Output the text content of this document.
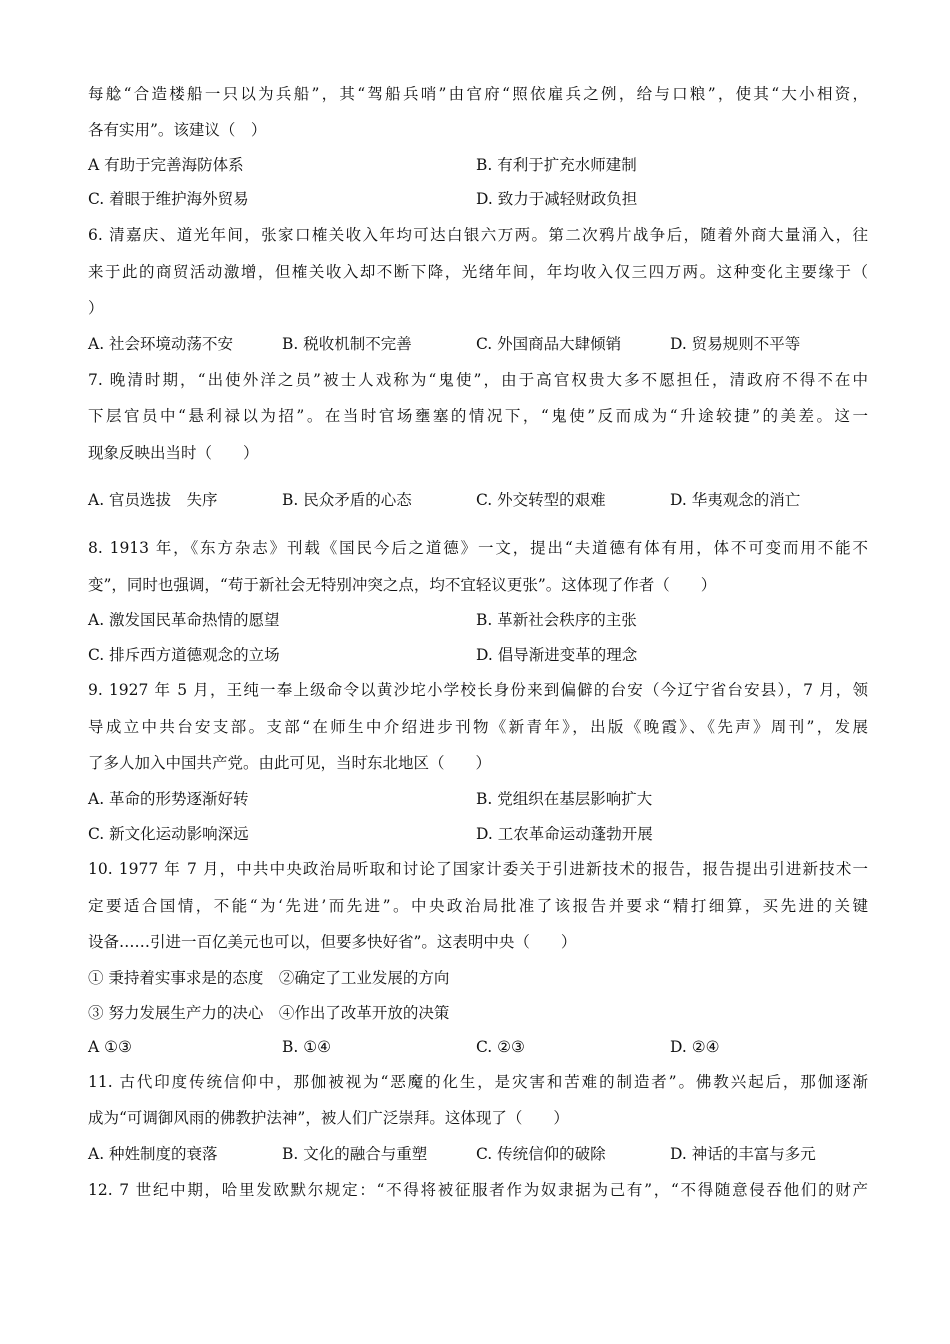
每艌“合造楼船一只以为兵船”，其“驾船兵哨”由官府“照依雇兵之例，给与口粮”，使其“大小相资，
各有实用”。该建议（　）
A 有助于完善海防体系	B. 有利于扩充水师建制
C. 着眼于维护海外贸易	D. 致力于减轻财政负担
6. 清嘉庆、道光年间，张家口榷关收入年均可达白银六万两。第二次鸦片战争后，随着外商大量涌入，往
来于此的商贸活动激增，但榷关收入却不断下降，光绪年间，年均收入仅三四万两。这种变化主要缘于（
）
A. 社会环境动荡不安	B. 税收机制不完善	C. 外国商品大肆倾销	D. 贸易规则不平等
7. 晚清时期，“出使外洋之员”被士人戏称为“鬼使”，由于高官权贵大多不愿担任，清政府不得不在中
下层官员中“悬利禄以为招”。在当时官场壅塞的情况下，“鬼使”反而成为“升途较捷”的美差。这一
现象反映出当时（　　）
A. 官员选拔　失序	B. 民众矛盾的心态	C. 外交转型的艰难	D. 华夷观念的消亡
8. 1913 年，《东方杂志》刊载《国民今后之道德》一文，提出“夫道德有体有用，体不可变而用不能不
变”，同时也强调，“苟于新社会无特别冲突之点，均不宜轻议更张”。这体现了作者（　　）
A. 激发国民革命热情的愿望	B. 革新社会秩序的主张
C. 排斥西方道德观念的立场	D. 倡导渐进变革的理念
9. 1927 年 5 月，王纯一奉上级命令以黄沙坨小学校长身份来到偏僻的台安（今辽宁省台安县），7 月，领
导成立中共台安支部。支部“在师生中介绍进步刊物《新青年》，出版《晚霞》、《先声》周刊”，发展
了多人加入中国共产党。由此可见，当时东北地区（　　）
A. 革命的形势逐渐好转	B. 党组织在基层影响扩大
C. 新文化运动影响深远	D. 工农革命运动蓬勃开展
10. 1977 年 7 月，中共中央政治局听取和讨论了国家计委关于引进新技术的报告，报告提出引进新技术一
定要适合国情，不能“为‘先进’而先进”。中央政治局批准了该报告并要求“精打细算，买先进的关键
设备……引进一百亿美元也可以，但要多快好省”。这表明中央（　　）
① 秉持着实事求是的态度　②确定了工业发展的方向
③ 努力发展生产力的决心　④作出了改革开放的决策
A ①③	B. ①④	C. ②③	D. ②④
11. 古代印度传统信仰中，那伽被视为“恶魔的化生，是灾害和苦难的制造者”。佛教兴起后，那伽逐渐
成为“可调御风雨的佛教护法神”，被人们广泛崇拜。这体现了（　　）
A. 种姓制度的衰落	B. 文化的融合与重塑	C. 传统信仰的破除	D. 神话的丰富与多元
12. 7 世纪中期，哈里发欧默尔规定：“不得将被征服者作为奴隶据为己有”，“不得随意侵吞他们的财产
